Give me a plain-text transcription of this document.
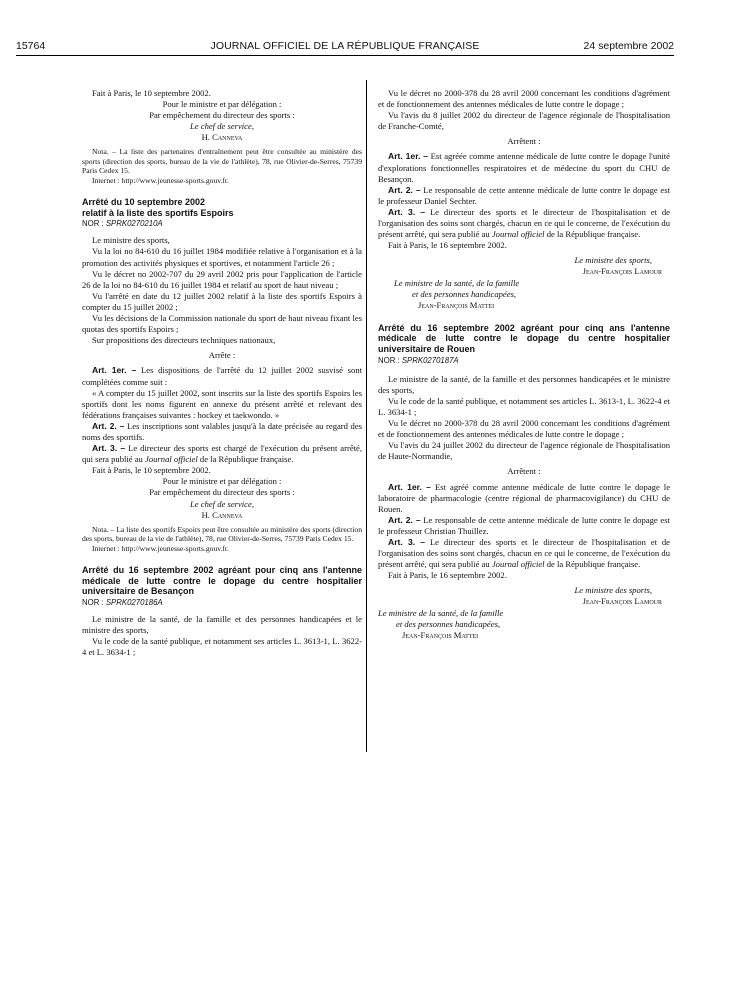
15764	JOURNAL OFFICIEL DE LA RÉPUBLIQUE FRANÇAISE	24 septembre 2002

Fait à Paris, le 10 septembre 2002.

Pour le ministre et par délégation :

Par empêchement du directeur des sports :

Le chef de service,

H. Canneva

Nota. – La liste des partenaires d'entraînement peut être consultée au ministère des sports (direction des sports, bureau de la vie de l'athlète), 78, rue Olivier-de-Serres, 75739 Paris Cedex 15.

Internet : http://www.jeunesse-sports.gouv.fr.

Arrêté du 10 septembre 2002

relatif à la liste des sportifs Espoirs

NOR : SPRK0270210A

Le ministre des sports,

Vu la loi no 84-610 du 16 juillet 1984 modifiée relative à l'organisation et à la promotion des activités physiques et sportives, et notamment l'article 26 ;

Vu le décret no 2002-707 du 29 avril 2002 pris pour l'application de l'article 26 de la loi no 84-610 du 16 juillet 1984 et relatif au sport de haut niveau ;

Vu l'arrêté en date du 12 juillet 2002 relatif à la liste des sportifs Espoirs à compter du 15 juillet 2002 ;

Vu les décisions de la Commission nationale du sport de haut niveau fixant les quotas des sportifs Espoirs ;

Sur propositions des directeurs techniques nationaux,

Arrête :

Art. 1er. – Les dispositions de l'arrêté du 12 juillet 2002 susvisé sont complétées comme suit :

« A compter du 15 juillet 2002, sont inscrits sur la liste des sportifs Espoirs les sportifs dont les noms figurent en annexe du présent arrêté et relevant des fédérations françaises suivantes : hockey et taekwondo. »

Art. 2. – Les inscriptions sont valables jusqu'à la date précisée au regard des noms des sportifs.

Art. 3. – Le directeur des sports est chargé de l'exécution du présent arrêté, qui sera publié au Journal officiel de la République française.

Fait à Paris, le 10 septembre 2002.

Pour le ministre et par délégation :

Par empêchement du directeur des sports :

Le chef de service,

H. Canneva

Nota. – La liste des sportifs Espoirs peut être consultée au ministère des sports (direction des sports, bureau de la vie de l'athlète), 78, rue Olivier-de-Serres, 75739 Paris Cedex 15.

Internet : http://www.jeunesse-sports.gouv.fr.

Arrêté du 16 septembre 2002 agréant pour cinq ans l'antenne médicale de lutte contre le dopage du centre hospitalier universitaire de Besançon

NOR : SPRK0270186A

Le ministre de la santé, de la famille et des personnes handicapées et le ministre des sports,

Vu le code de la santé publique, et notamment ses articles L. 3613-1, L. 3622-4 et L. 3634-1 ;

Vu le décret no 2000-378 du 28 avril 2000 concernant les conditions d'agrément et de fonctionnement des antennes médicales de lutte contre le dopage ;

Vu l'avis du 8 juillet 2002 du directeur de l'agence régionale de l'hospitalisation de Franche-Comté,

Arrêtent :

Art. 1er. – Est agréée comme antenne médicale de lutte contre le dopage l'unité d'explorations fonctionnelles respiratoires et de médecine du sport du CHU de Besançon.

Art. 2. – Le responsable de cette antenne médicale de lutte contre le dopage est le professeur Daniel Sechter.

Art. 3. – Le directeur des sports et le directeur de l'hospitalisation et de l'organisation des soins sont chargés, chacun en ce qui le concerne, de l'exécution du présent arrêté, qui sera publié au Journal officiel de la République française.

Fait à Paris, le 16 septembre 2002.

Le ministre des sports,

Jean-François Lamour

Le ministre de la santé, de la famille

et des personnes handicapées,

Jean-François Mattei

Arrêté du 16 septembre 2002 agréant pour cinq ans l'antenne médicale de lutte contre le dopage du centre hospitalier universitaire de Rouen

NOR : SPRK0270187A

Le ministre de la santé, de la famille et des personnes handicapées et le ministre des sports,

Vu le code de la santé publique, et notamment ses articles L. 3613-1, L. 3622-4 et L. 3634-1 ;

Vu le décret no 2000-378 du 28 avril 2000 concernant les conditions d'agrément et de fonctionnement des antennes médicales de lutte contre le dopage ;

Vu l'avis du 24 juillet 2002 du directeur de l'agence régionale de l'hospitalisation de Haute-Normandie,

Arrêtent :

Art. 1er. – Est agréé comme antenne médicale de lutte contre le dopage le laboratoire de pharmacologie (centre régional de pharmacovigilance) du CHU de Rouen.

Art. 2. – Le responsable de cette antenne médicale de lutte contre le dopage est le professeur Christian Thuillez.

Art. 3. – Le directeur des sports et le directeur de l'hospitalisation et de l'organisation des soins sont chargés, chacun en ce qui le concerne, de l'exécution du présent arrêté, qui sera publié au Journal officiel de la République française.

Fait à Paris, le 16 septembre 2002.

Le ministre des sports,

Jean-François Lamour

Le ministre de la santé, de la famille

et des personnes handicapées,

Jean-François Mattei
